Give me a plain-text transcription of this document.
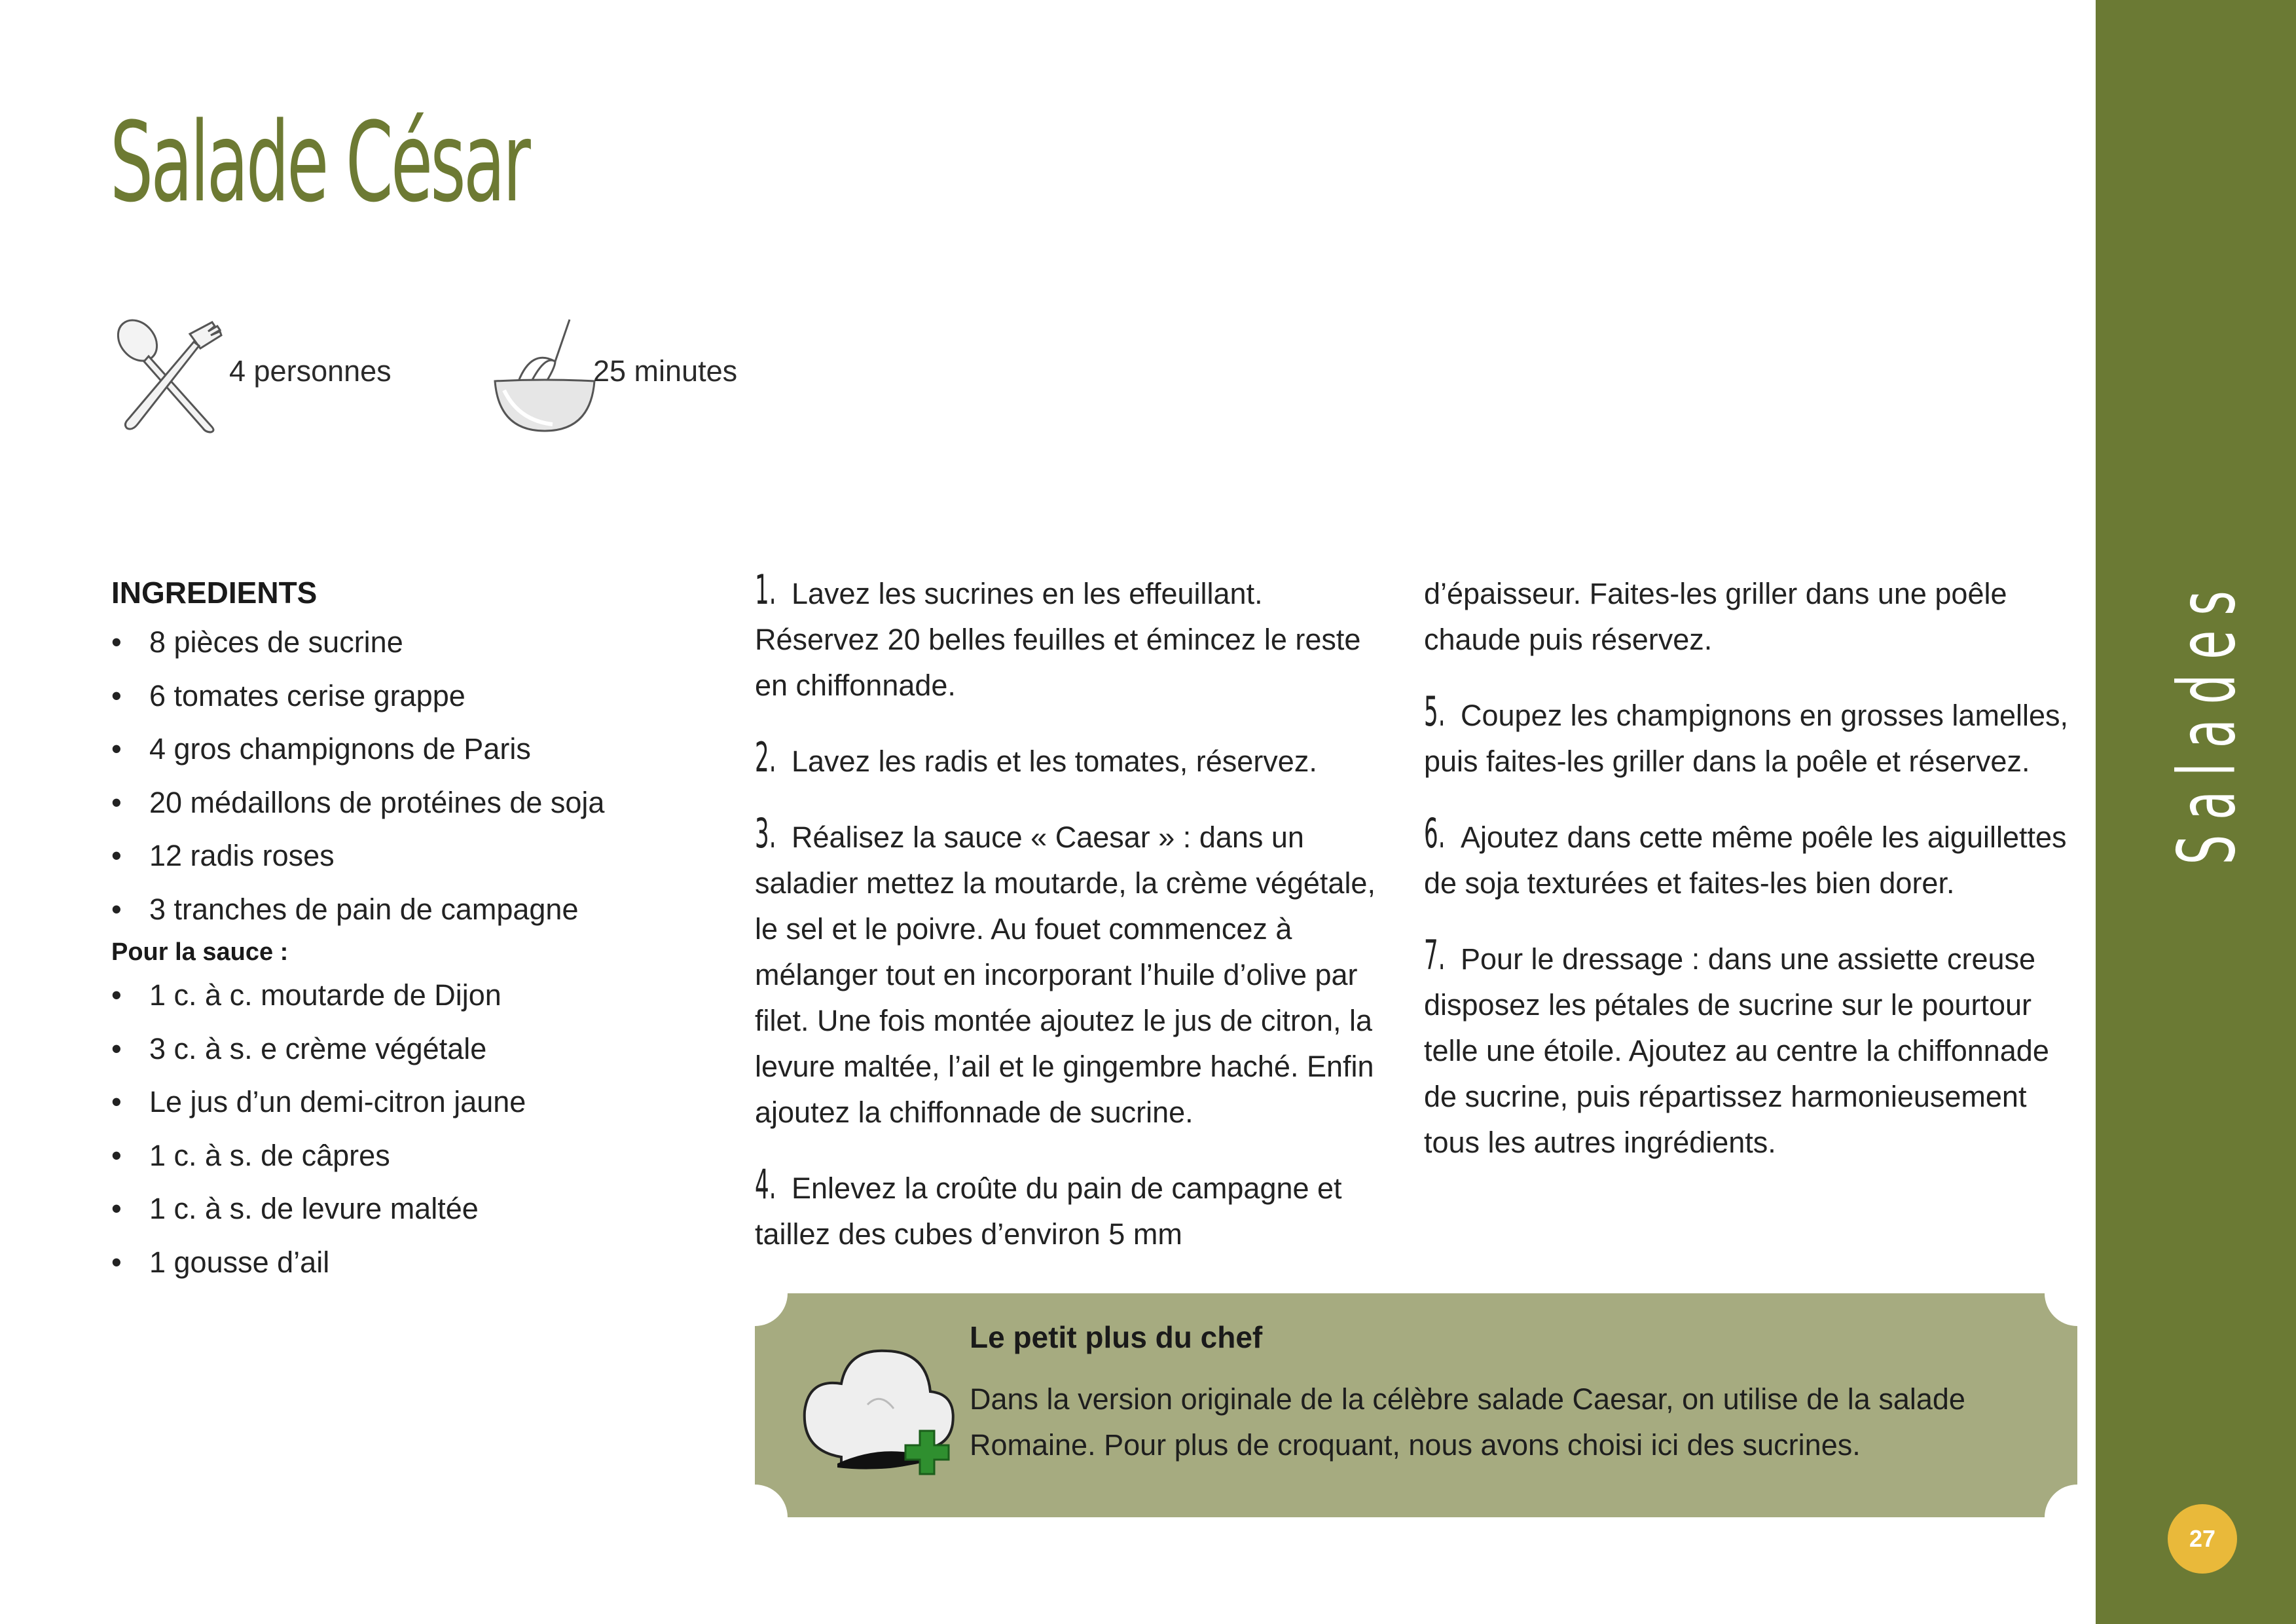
Salade César
4 personnes	25 minutes
INGREDIENTS
• 8 pièces de sucrine
• 6 tomates cerise grappe
• 4 gros champignons de Paris
• 20 médaillons de protéines de soja
• 12 radis roses
• 3 tranches de pain de campagne
Pour la sauce :
• 1 c. à c. moutarde de Dijon
• 3 c. à s. e crème végétale
• Le jus d’un demi-citron jaune
• 1 c. à s. de câpres
• 1 c. à s. de levure maltée
• 1 gousse d’ail

1. Lavez les sucrines en les effeuillant. Réservez 20 belles feuilles et émincez le reste en chiffonnade.

2. Lavez les radis et les tomates, réservez.

3. Réalisez la sauce « Caesar » : dans un saladier mettez la moutarde, la crème végétale, le sel et le poivre. Au fouet commencez à mélanger tout en incorporant l’huile d’olive par filet. Une fois montée ajoutez le jus de citron, la levure maltée, l’ail et le gingembre haché. Enfin ajoutez la chiffonnade de sucrine.

4. Enlevez la croûte du pain de campagne et taillez des cubes d’environ 5 mm

d’épaisseur. Faites-les griller dans une poêle chaude puis réservez.

5. Coupez les champignons en grosses lamelles, puis faites-les griller dans la poêle et réservez.

6. Ajoutez dans cette même poêle les aiguillettes de soja texturées et faites-les bien dorer.

7. Pour le dressage : dans une assiette creuse disposez les pétales de sucrine sur le pourtour telle une étoile. Ajoutez au centre la chiffonnade de sucrine, puis répartissez harmonieusement tous les autres ingrédients.

Le petit plus du chef
Dans la version originale de la célèbre salade Caesar, on utilise de la salade Romaine. Pour plus de croquant, nous avons choisi ici des sucrines.
Salades
27
